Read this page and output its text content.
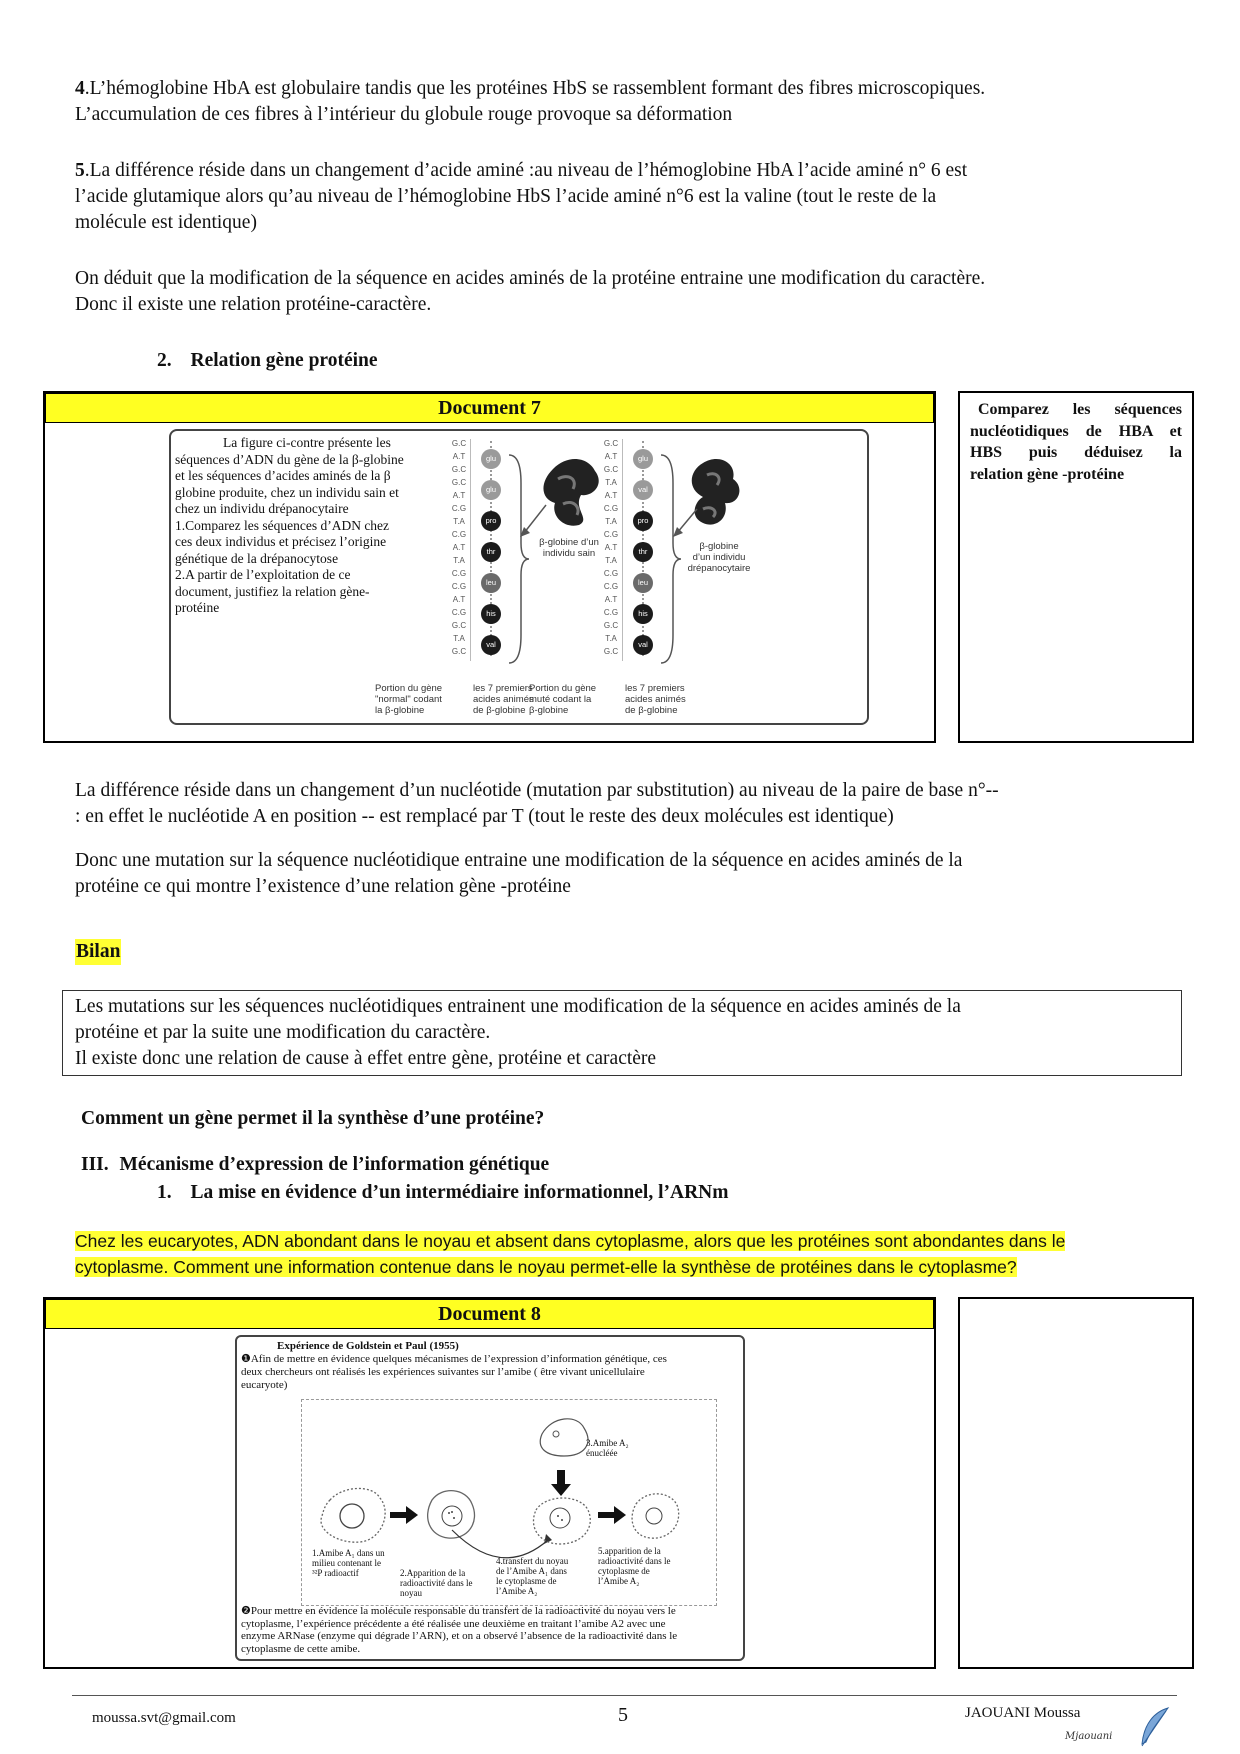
4.L’hémoglobine HbA est globulaire tandis que les protéines HbS se rassemblent formant des fibres microscopiques.
L’accumulation de ces fibres à l’intérieur du globule rouge provoque sa déformation
5.La différence réside dans un changement d’acide aminé :au niveau de l’hémoglobine HbA l’acide aminé n° 6 est
l’acide glutamique alors qu’au niveau de l’hémoglobine HbS l’acide aminé n°6 est la valine (tout le reste de la
molécule est identique)
On déduit que la modification de la séquence en acides aminés de la protéine entraine une modification du caractère.
Donc il existe une relation protéine-caractère.
2. Relation gène protéine
Document 7
La figure ci-contre présente les
séquences d’ADN du gène de la β-globine
et les séquences d’acides aminés de la β
globine produite, chez un individu sain et
chez un individu drépanocytaire
1.Comparez les séquences d’ADN chez
ces deux individus et précisez l’origine
génétique de la drépanocytose
2.A partir de l’exploitation de ce
document, justifiez la relation gène-
protéine
G.C
A.T
G.C
G.C
A.T
C.G
T.A
C.G
A.T
T.A
C.G
C.G
A.T
C.G
G.C
T.A
G.C
glu
glu
pro
thr
leu
his
val
β-globine d’un
individu sain
G.C
A.T
G.C
T.A
A.T
C.G
T.A
C.G
A.T
T.A
C.G
C.G
A.T
C.G
G.C
T.A
G.C
glu
val
pro
thr
leu
his
val
β-globine
d’un individu
drépanocytaire
Portion du gène
"normal" codant
la β-globine
les 7 premiers
acides animés
de β-globine
Portion du gène
muté codant la
β-globine
les 7 premiers
acides animés
de β-globine
Comparez les séquences
nucléotidiques de HBA et
HBS puis déduisez la
relation gène -protéine
La différence réside dans un changement d’un nucléotide (mutation par substitution) au niveau de la paire de base n°--
: en effet le nucléotide A en position -- est remplacé par T (tout le reste des deux molécules est identique)
Donc une mutation sur la séquence nucléotidique entraine une modification de la séquence en acides aminés de la
protéine ce qui montre l’existence d’une relation gène -protéine
Bilan
Les mutations sur les séquences nucléotidiques entrainent une modification de la séquence en acides aminés de la
protéine et par la suite une modification du caractère.
Il existe donc une relation de cause à effet entre gène, protéine et caractère
Comment un gène permet il la synthèse d’une protéine?
III. Mécanisme d’expression de l’information génétique
1. La mise en évidence d’un intermédiaire informationnel, l’ARNm
Chez les eucaryotes, ADN abondant dans le noyau et absent dans cytoplasme, alors que les protéines sont abondantes dans le
cytoplasme. Comment une information contenue dans le noyau permet-elle la synthèse de protéines dans le cytoplasme?
Document 8
Expérience de Goldstein et Paul (1955)
❶Afin de mettre en évidence quelques mécanismes de l’expression d’information génétique, ces
deux chercheurs ont réalisés les expériences suivantes sur l’amibe ( être vivant unicellulaire
eucaryote)
3.Amibe A₂
énucléée
1.Amibe A₁ dans un
milieu contenant le
³²P radioactif	2.Apparition de la
radioactivité dans le
noyau
4.transfert du noyau
de l’Amibe A₁ dans
le cytoplasme de
l’Amibe A₂
5.apparition de la
radioactivité dans le
cytoplasme de
l’Amibe A₂
❷Pour mettre en évidence la molécule responsable du transfert de la radioactivité du noyau vers le
cytoplasme, l’expérience précédente a été réalisée une deuxième en traitant l’amibe A2 avec une
enzyme ARNase (enzyme qui dégrade l’ARN), et on a observé l’absence de la radioactivité dans le
cytoplasme de cette amibe.
moussa.svt@gmail.com	5	JAOUANI Moussa
Mjaouani
